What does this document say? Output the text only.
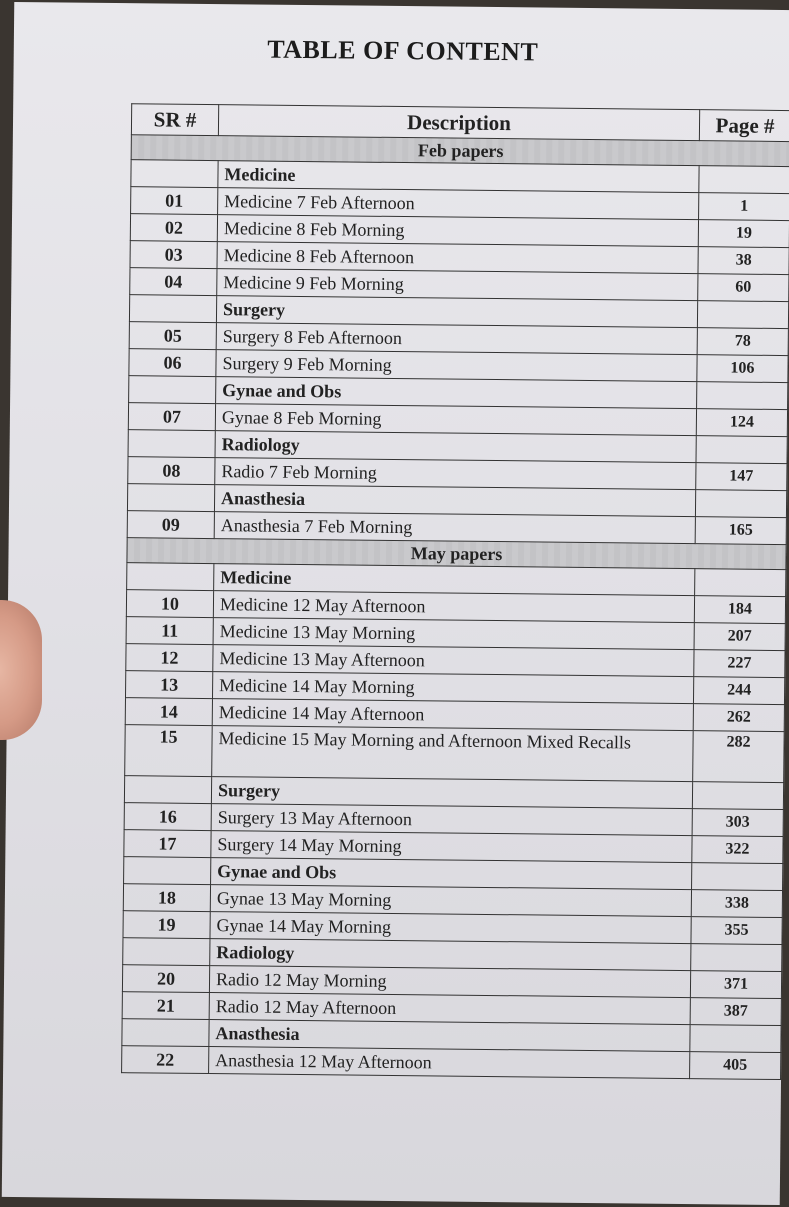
TABLE OF CONTENT
SR #	Description	Page #
Feb papers		
	Medicine	
01	Medicine 7 Feb Afternoon	1
02	Medicine 8 Feb Morning	19
03	Medicine 8 Feb Afternoon	38
04	Medicine 9 Feb Morning	60
	Surgery	
05	Surgery 8 Feb Afternoon	78
06	Surgery 9 Feb Morning	106
	Gynae and Obs	
07	Gynae 8 Feb Morning	124
	Radiology	
08	Radio 7 Feb Morning	147
	Anasthesia	
09	Anasthesia 7 Feb Morning	165
May papers		
	Medicine	
10	Medicine 12 May Afternoon	184
11	Medicine 13 May Morning	207
12	Medicine 13 May Afternoon	227
13	Medicine 14 May Morning	244
14	Medicine 14 May Afternoon	262
15	Medicine 15 May Morning and Afternoon Mixed Recalls	282
	Surgery	
16	Surgery 13 May Afternoon	303
17	Surgery 14 May Morning	322
	Gynae and Obs	
18	Gynae 13 May Morning	338
19	Gynae 14 May Morning	355
	Radiology	
20	Radio 12 May Morning	371
21	Radio 12 May Afternoon	387
	Anasthesia	
22	Anasthesia 12 May Afternoon	405
